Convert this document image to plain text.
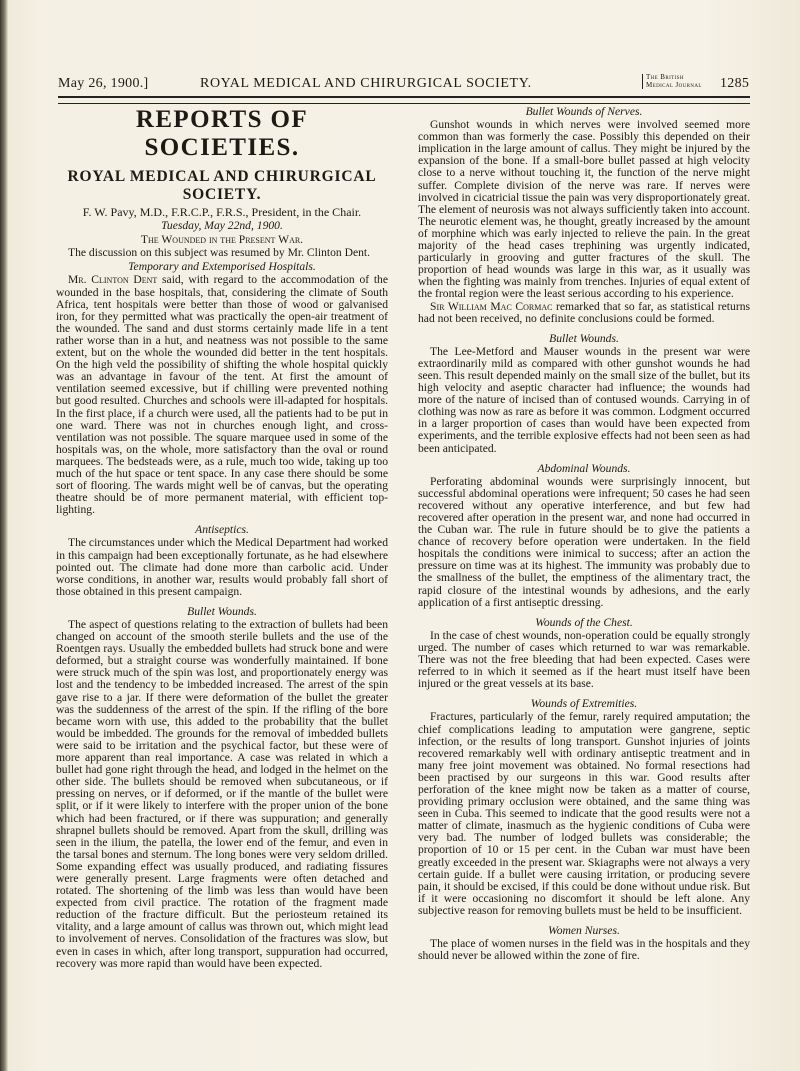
May 26, 1900.]	ROYAL MEDICAL AND CHIRURGICAL SOCIETY.	The British
Medical Journal 1285
REPORTS OF SOCIETIES.
ROYAL MEDICAL AND CHIRURGICAL SOCIETY.

F. W. Pavy, M.D., F.R.C.P., F.R.S., President, in the Chair.

Tuesday, May 22nd, 1900.

The Wounded in the Present War.

The discussion on this subject was resumed by Mr. Clinton Dent.

Temporary and Extemporised Hospitals.

Mr. Clinton Dent said, with regard to the accommodation of the wounded in the base hospitals, that, considering the climate of South Africa, tent hospitals were better than those of wood or galvanised iron, for they permitted what was practically the open-air treatment of the wounded. The sand and dust storms certainly made life in a tent rather worse than in a hut, and neatness was not possible to the same extent, but on the whole the wounded did better in the tent hospitals. On the high veld the possibility of shifting the whole hospital quickly was an advantage in favour of the tent. At first the amount of ventilation seemed excessive, but if chilling were prevented nothing but good resulted. Churches and schools were ill-adapted for hospitals. In the first place, if a church were used, all the patients had to be put in one ward. There was not in churches enough light, and cross-ventilation was not possible. The square marquee used in some of the hospitals was, on the whole, more satisfactory than the oval or round marquees. The bedsteads were, as a rule, much too wide, taking up too much of the hut space or tent space. In any case there should be some sort of flooring. The wards might well be of canvas, but the operating theatre should be of more permanent material, with efficient top-lighting.

Antiseptics.

The circumstances under which the Medical Department had worked in this campaign had been exceptionally fortunate, as he had elsewhere pointed out. The climate had done more than carbolic acid. Under worse conditions, in another war, results would probably fall short of those obtained in this present campaign.

Bullet Wounds.

The aspect of questions relating to the extraction of bullets had been changed on account of the smooth sterile bullets and the use of the Roentgen rays. Usually the embedded bullets had struck bone and were deformed, but a straight course was wonderfully maintained. If bone were struck much of the spin was lost, and proportionately energy was lost and the tendency to be imbedded increased. The arrest of the spin gave rise to a jar. If there were deformation of the bullet the greater was the suddenness of the arrest of the spin. If the rifling of the bore became worn with use, this added to the probability that the bullet would be imbedded. The grounds for the removal of imbedded bullets were said to be irritation and the psychical factor, but these were of more apparent than real importance. A case was related in which a bullet had gone right through the head, and lodged in the helmet on the other side. The bullets should be removed when subcutaneous, or if pressing on nerves, or if deformed, or if the mantle of the bullet were split, or if it were likely to interfere with the proper union of the bone which had been fractured, or if there was suppuration; and generally shrapnel bullets should be removed. Apart from the skull, drilling was seen in the ilium, the patella, the lower end of the femur, and even in the tarsal bones and sternum. The long bones were very seldom drilled. Some expanding effect was usually produced, and radiating fissures were generally present. Large fragments were often detached and rotated. The shortening of the limb was less than would have been expected from civil practice. The rotation of the fragment made reduction of the fracture difficult. But the periosteum retained its vitality, and a large amount of callus was thrown out, which might lead to involvement of nerves. Consolidation of the fractures was slow, but even in cases in which, after long transport, suppuration had occurred, recovery was more rapid than would have been expected.

Bullet Wounds of Nerves.

Gunshot wounds in which nerves were involved seemed more common than was formerly the case. Possibly this depended on their implication in the large amount of callus. They might be injured by the expansion of the bone. If a small-bore bullet passed at high velocity close to a nerve without touching it, the function of the nerve might suffer. Complete division of the nerve was rare. If nerves were involved in cicatricial tissue the pain was very disproportionately great. The element of neurosis was not always sufficiently taken into account. The neurotic element was, he thought, greatly increased by the amount of morphine which was early injected to relieve the pain. In the great majority of the head cases trephining was urgently indicated, particularly in grooving and gutter fractures of the skull. The proportion of head wounds was large in this war, as it usually was when the fighting was mainly from trenches. Injuries of equal extent of the frontal region were the least serious according to his experience.

Sir William Mac Cormac remarked that so far, as statistical returns had not been received, no definite conclusions could be formed.

Bullet Wounds.

The Lee-Metford and Mauser wounds in the present war were extraordinarily mild as compared with other gunshot wounds he had seen. This result depended mainly on the small size of the bullet, but its high velocity and aseptic character had influence; the wounds had more of the nature of incised than of contused wounds. Carrying in of clothing was now as rare as before it was common. Lodgment occurred in a larger proportion of cases than would have been expected from experiments, and the terrible explosive effects had not been seen as had been anticipated.

Abdominal Wounds.

Perforating abdominal wounds were surprisingly innocent, but successful abdominal operations were infrequent; 50 cases he had seen recovered without any operative interference, and but few had recovered after operation in the present war, and none had occurred in the Cuban war. The rule in future should be to give the patients a chance of recovery before operation were undertaken. In the field hospitals the conditions were inimical to success; after an action the pressure on time was at its highest. The immunity was probably due to the smallness of the bullet, the emptiness of the alimentary tract, the rapid closure of the intestinal wounds by adhesions, and the early application of a first antiseptic dressing.

Wounds of the Chest.

In the case of chest wounds, non-operation could be equally strongly urged. The number of cases which returned to war was remarkable. There was not the free bleeding that had been expected. Cases were referred to in which it seemed as if the heart must itself have been injured or the great vessels at its base.

Wounds of Extremities.

Fractures, particularly of the femur, rarely required amputation; the chief complications leading to amputation were gangrene, septic infection, or the results of long transport. Gunshot injuries of joints recovered remarkably well with ordinary antiseptic treatment and in many free joint movement was obtained. No formal resections had been practised by our surgeons in this war. Good results after perforation of the knee might now be taken as a matter of course, providing primary occlusion were obtained, and the same thing was seen in Cuba. This seemed to indicate that the good results were not a matter of climate, inasmuch as the hygienic conditions of Cuba were very bad. The number of lodged bullets was considerable; the proportion of 10 or 15 per cent. in the Cuban war must have been greatly exceeded in the present war. Skiagraphs were not always a very certain guide. If a bullet were causing irritation, or producing severe pain, it should be excised, if this could be done without undue risk. But if it were occasioning no discomfort it should be left alone. Any subjective reason for removing bullets must be held to be insufficient.

Women Nurses.

The place of women nurses in the field was in the hospitals and they should never be allowed within the zone of fire.
